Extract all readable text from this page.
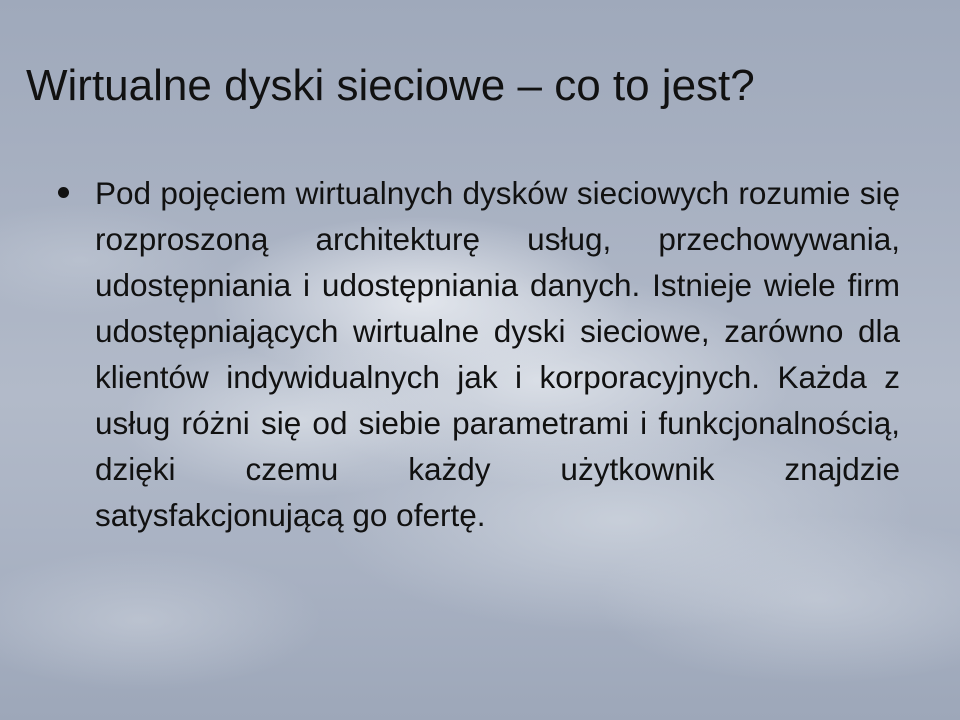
Wirtualne dyski sieciowe – co to jest?
Pod pojęciem wirtualnych dysków sieciowych rozumie się rozproszoną architekturę usług, przechowywania, udostępniania i udostępniania danych. Istnieje wiele firm udostępniających wirtualne dyski sieciowe, zarówno dla klientów indywidualnych jak i korporacyjnych. Każda z usług różni się od siebie parametrami i funkcjonalnością, dzięki czemu każdy użytkownik znajdzie satysfakcjonującą go ofertę.
